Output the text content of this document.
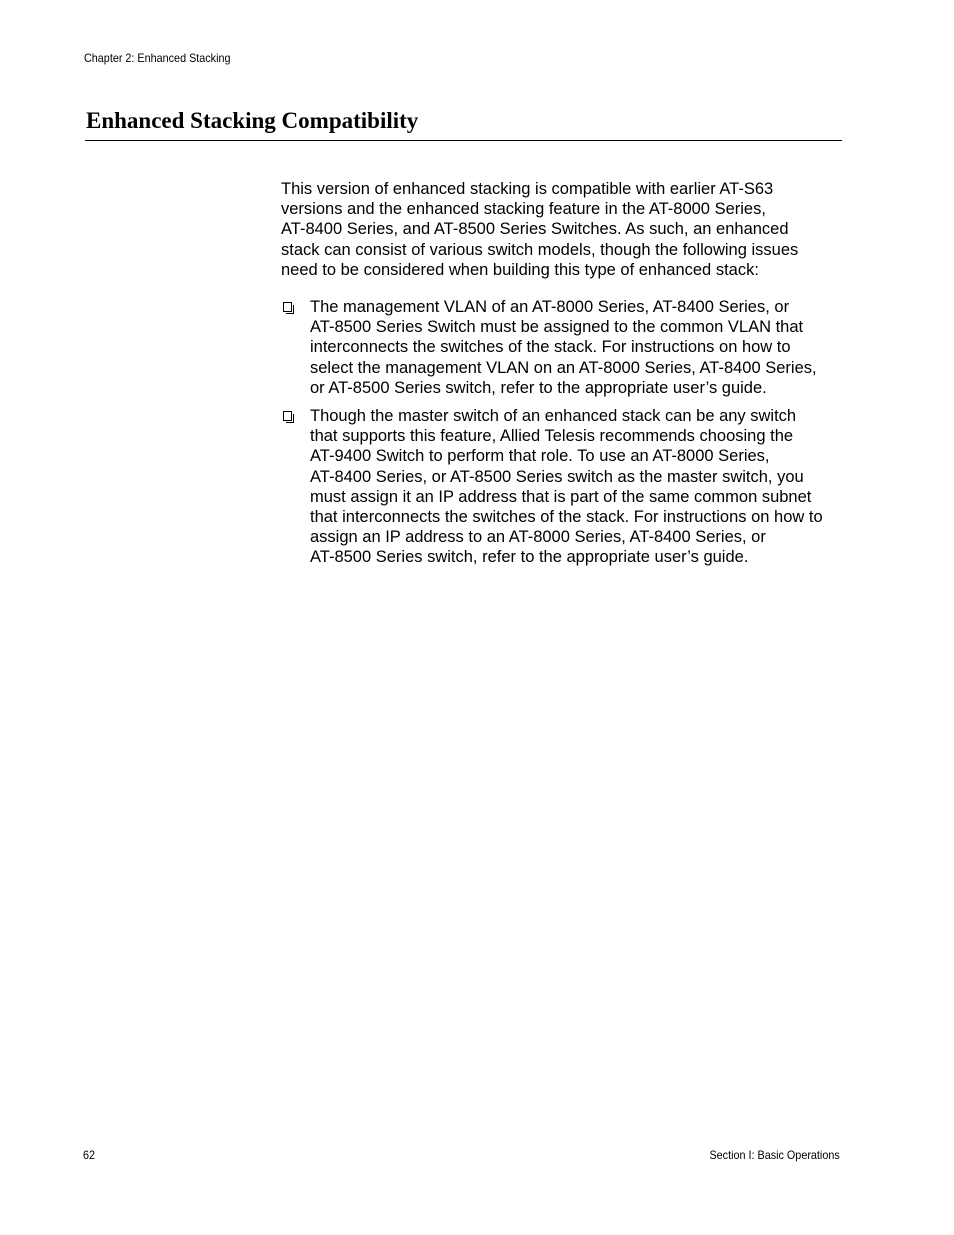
Chapter 2: Enhanced Stacking
Enhanced Stacking Compatibility
This version of enhanced stacking is compatible with earlier AT-S63
versions and the enhanced stacking feature in the AT-8000 Series,
AT-8400 Series, and AT-8500 Series Switches. As such, an enhanced
stack can consist of various switch models, though the following issues
need to be considered when building this type of enhanced stack:
The management VLAN of an AT-8000 Series, AT-8400 Series, or
AT-8500 Series Switch must be assigned to the common VLAN that
interconnects the switches of the stack. For instructions on how to
select the management VLAN on an AT-8000 Series, AT-8400 Series,
or AT-8500 Series switch, refer to the appropriate user’s guide.
Though the master switch of an enhanced stack can be any switch
that supports this feature, Allied Telesis recommends choosing the
AT-9400 Switch to perform that role. To use an AT-8000 Series,
AT-8400 Series, or AT-8500 Series switch as the master switch, you
must assign it an IP address that is part of the same common subnet
that interconnects the switches of the stack. For instructions on how to
assign an IP address to an AT-8000 Series, AT-8400 Series, or
AT-8500 Series switch, refer to the appropriate user’s guide.
62	Section I: Basic Operations
